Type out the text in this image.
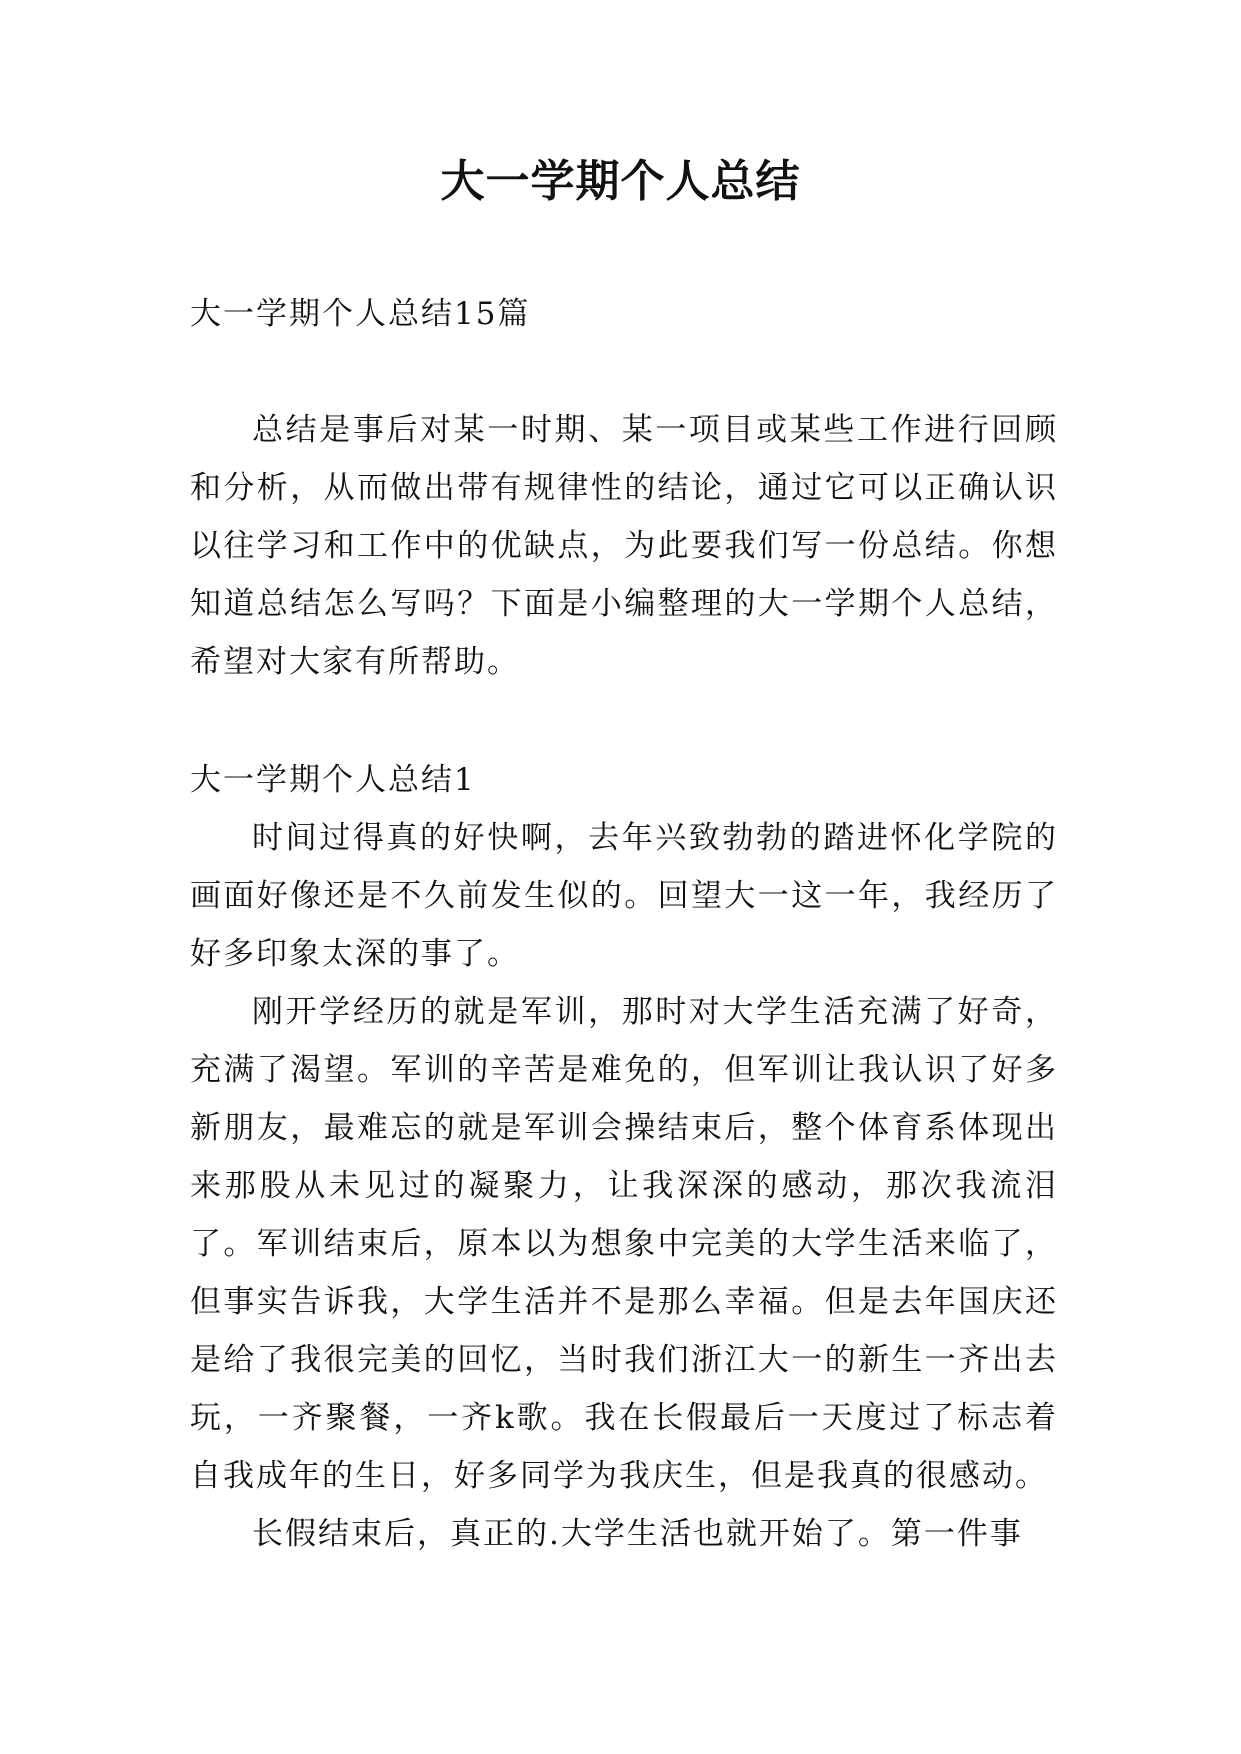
大一学期个人总结

大一学期个人总结15篇

总结是事后对某一时期、某一项目或某些工作进行回顾和分析，从而做出带有规律性的结论，通过它可以正确认识以往学习和工作中的优缺点，为此要我们写一份总结。你想知道总结怎么写吗？下面是小编整理的大一学期个人总结，希望对大家有所帮助。

大一学期个人总结1

时间过得真的好快啊，去年兴致勃勃的踏进怀化学院的画面好像还是不久前发生似的。回望大一这一年，我经历了好多印象太深的事了。

刚开学经历的就是军训，那时对大学生活充满了好奇，充满了渴望。军训的辛苦是难免的，但军训让我认识了好多新朋友，最难忘的就是军训会操结束后，整个体育系体现出来那股从未见过的凝聚力，让我深深的感动，那次我流泪了。军训结束后，原本以为想象中完美的大学生活来临了，但事实告诉我，大学生活并不是那么幸福。但是去年国庆还是给了我很完美的回忆，当时我们浙江大一的新生一齐出去玩，一齐聚餐，一齐k歌。我在长假最后一天度过了标志着自我成年的生日，好多同学为我庆生，但是我真的很感动。

长假结束后，真正的.大学生活也就开始了。第一件事
